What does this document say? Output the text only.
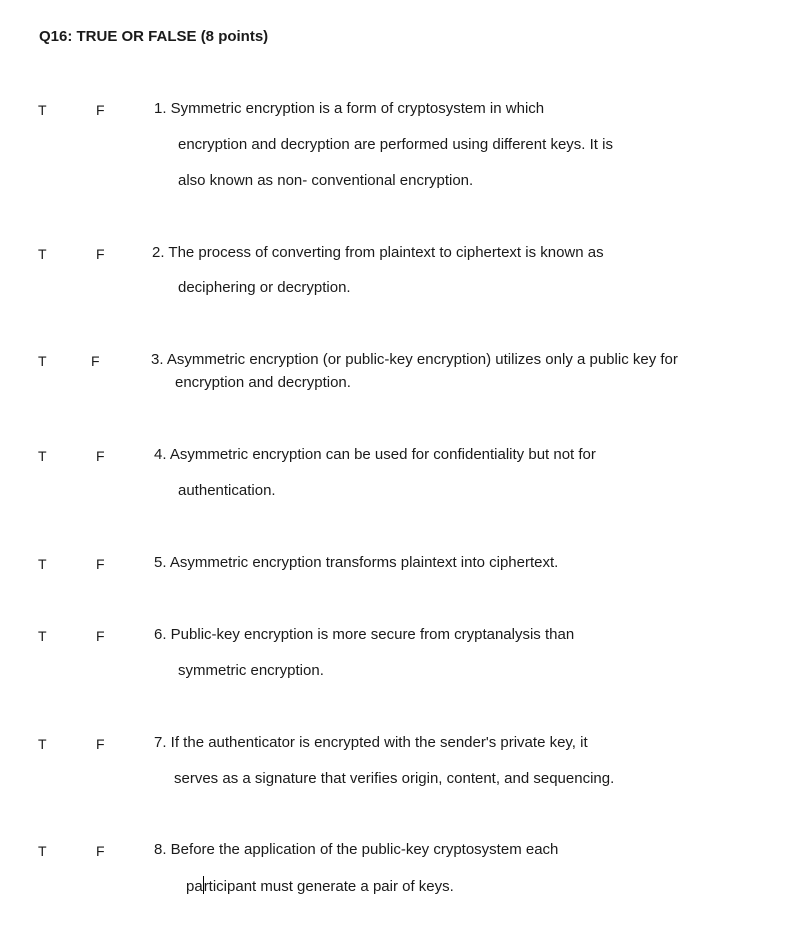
Q16: TRUE OR FALSE (8 points)
T	F	1. Symmetric encryption is a form of cryptosystem in which
encryption and decryption are performed using different keys. It is
also known as non- conventional encryption.
T	F	2. The process of converting from plaintext to ciphertext is known as
deciphering or decryption.
T	F	3. Asymmetric encryption (or public-key encryption) utilizes only a public key for
encryption and decryption.
T	F	4. Asymmetric encryption can be used for confidentiality but not for
authentication.
T	F	5. Asymmetric encryption transforms plaintext into ciphertext.
T	F	6. Public-key encryption is more secure from cryptanalysis than
symmetric encryption.
T	F	7. If the authenticator is encrypted with the sender's private key, it
serves as a signature that verifies origin, content, and sequencing.
T	F	8. Before the application of the public-key cryptosystem each
participant must generate a pair of keys.
